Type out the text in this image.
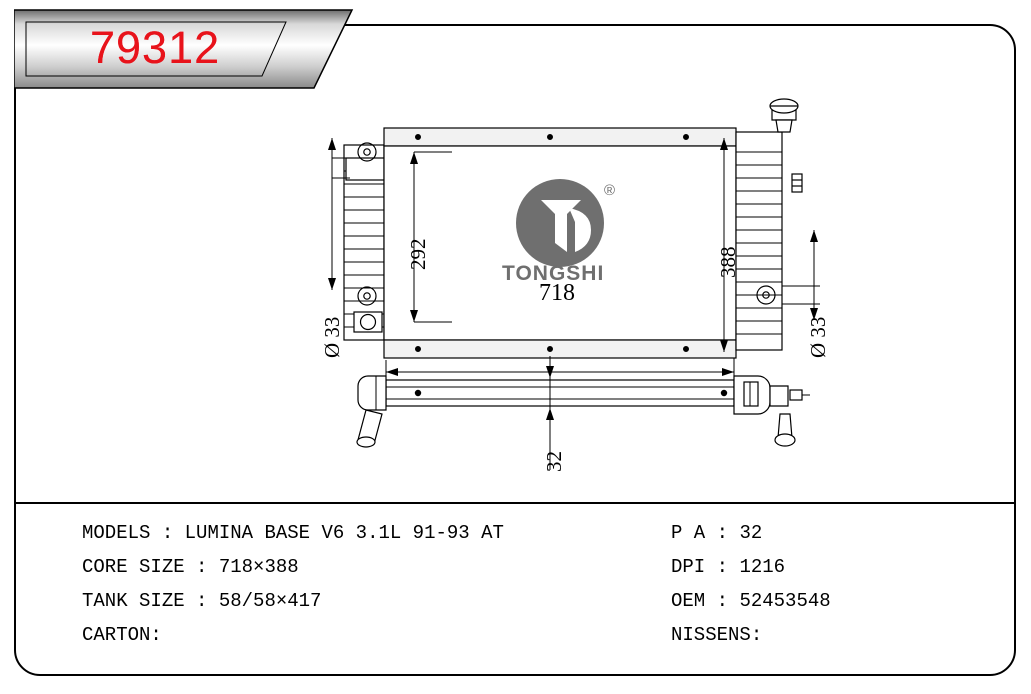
79312
Ø 33
292	388
718
Ø 33
32
TONGSHI
®
MODELS : LUMINA BASE V6 3.1L 91-93 AT
CORE SIZE : 718×388
TANK SIZE : 58/58×417
CARTON:
P A : 32
DPI : 1216
OEM : 52453548
NISSENS:
